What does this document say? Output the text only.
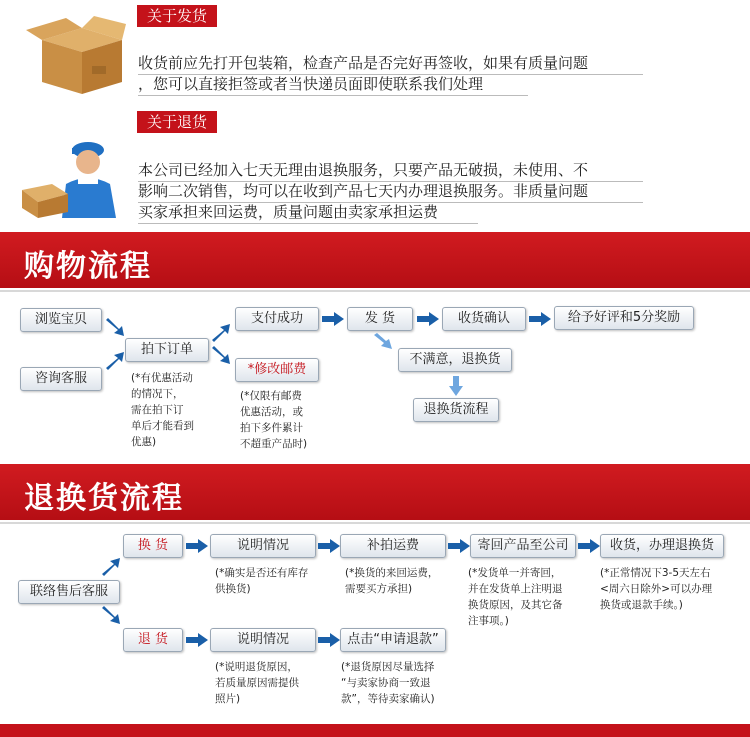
关于发货
收货前应先打开包装箱，检查产品是否完好再签收，如果有质量问题
，您可以直接拒签或者当快递员面即使联系我们处理
关于退货
本公司已经加入七天无理由退换服务，只要产品无破损，未使用、不
影响二次销售，均可以在收到产品七天内办理退换服务。非质量问题
买家承担来回运费，质量问题由卖家承担运费
购物流程
浏览宝贝
咨询客服
拍下订单
支付成功
*修改邮费
发 货	收货确认	给予好评和5分奖励
不满意，退换货
退换货流程
(*有优惠活动
的情况下，
需在拍下订
单后才能看到
优惠)
(*仅限有邮费
优惠活动，或
拍下多件累计
不超重产品时)
退换货流程
联络售后客服
换 货
退 货
说明情况	补拍运费	寄回产品至公司	收货，办理退换货
说明情况	点击“申请退款”
(*确实是否还有库存
供换货)
(*换货的来回运费，
需要买方承担)
(*发货单一并寄回，
并在发货单上注明退
换货原因，及其它备
注事项。)
(*正常情况下3-5天左右
<周六日除外>可以办理
换货或退款手续。)
(*说明退货原因，
若质量原因需提供
照片)
(*退货原因尽量选择
“与卖家协商一致退
款”，等待卖家确认)
